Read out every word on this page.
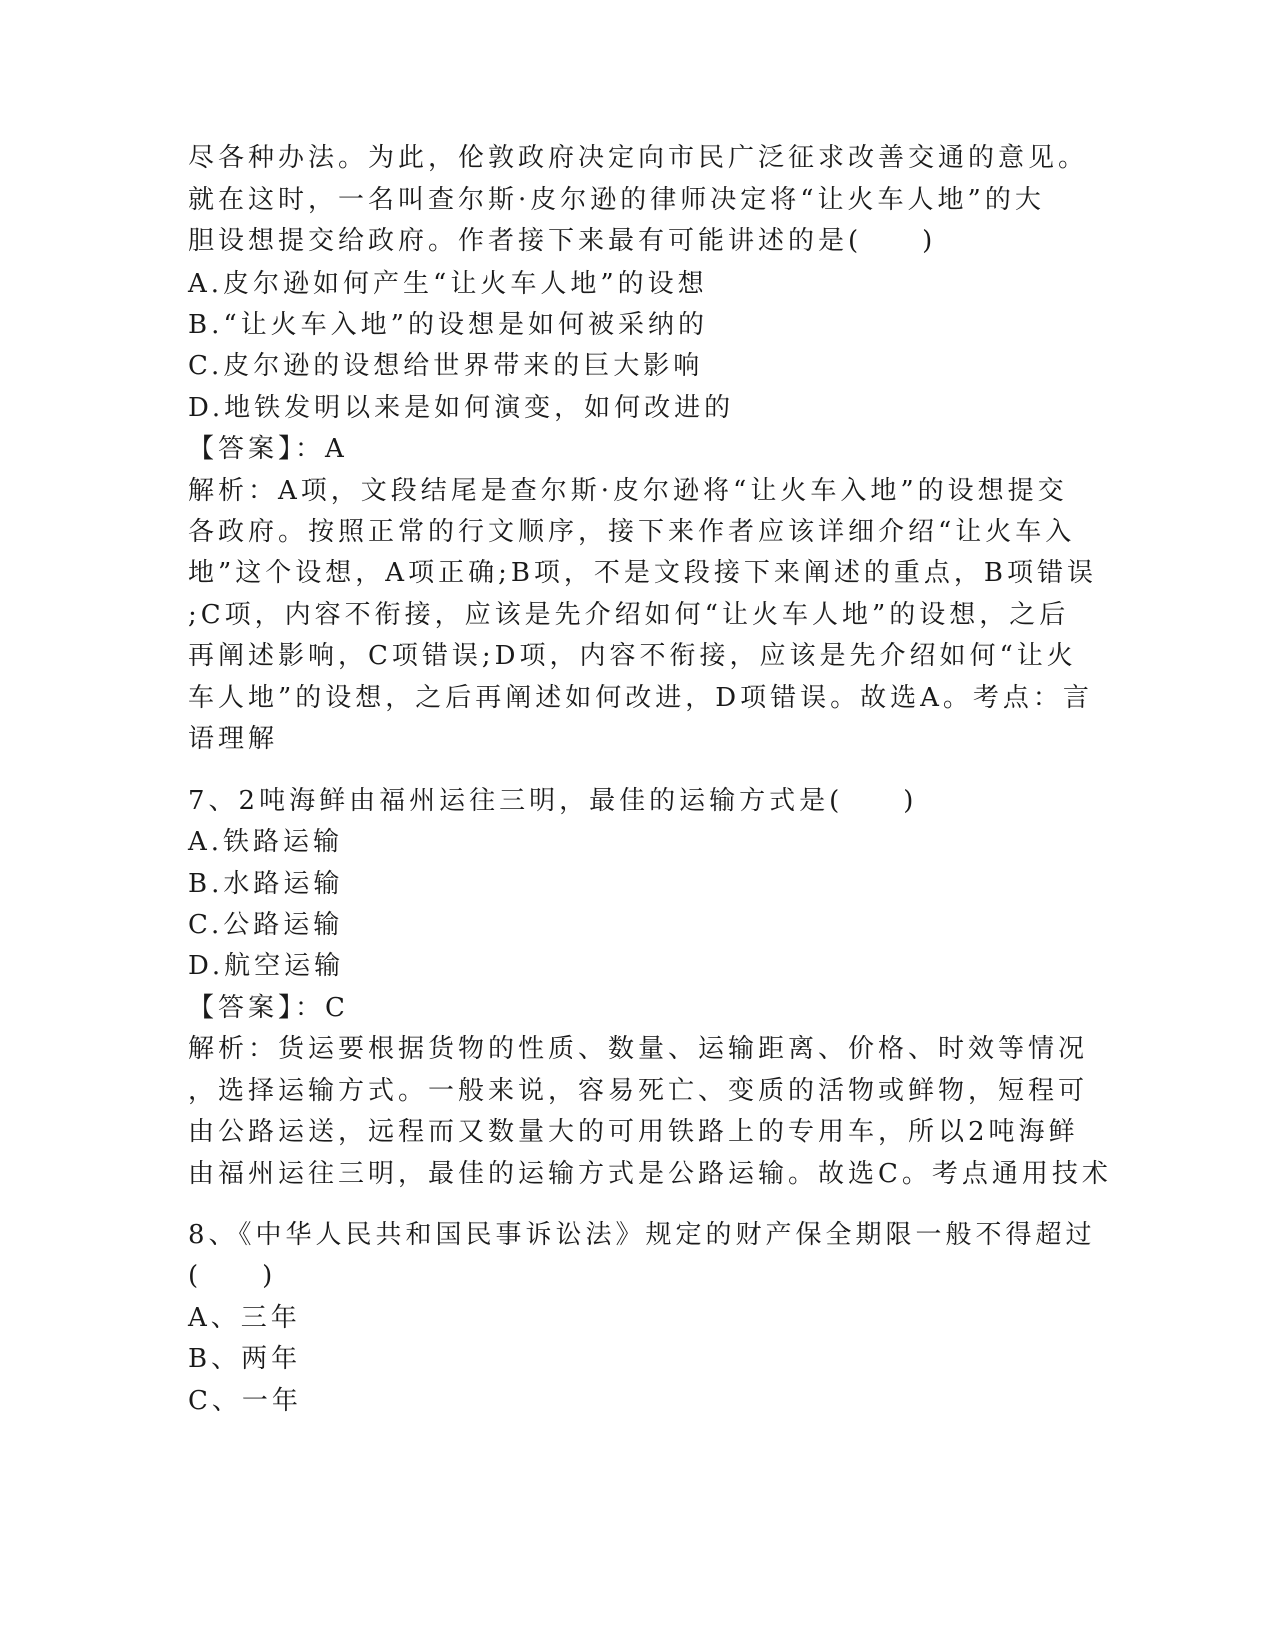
尽各种办法。为此，伦敦政府决定向市民广泛征求改善交通的意见。
就在这时，一名叫查尔斯·皮尔逊的律师决定将“让火车人地”的大
胆设想提交给政府。作者接下来最有可能讲述的是(　　)
A.皮尔逊如何产生“让火车人地”的设想
B.“让火车入地”的设想是如何被采纳的
C.皮尔逊的设想给世界带来的巨大影响
D.地铁发明以来是如何演变，如何改进的
【答案】：A
解析：A项，文段结尾是查尔斯·皮尔逊将“让火车入地”的设想提交
各政府。按照正常的行文顺序，接下来作者应该详细介绍“让火车入
地”这个设想，A项正确;B项，不是文段接下来阐述的重点，B项错误
;C项，内容不衔接，应该是先介绍如何“让火车人地”的设想，之后
再阐述影响，C项错误;D项，内容不衔接，应该是先介绍如何“让火
车人地”的设想，之后再阐述如何改进，D项错误。故选A。考点：言
语理解
7、2吨海鲜由福州运往三明，最佳的运输方式是(　　)
A.铁路运输
B.水路运输
C.公路运输
D.航空运输
【答案】：C
解析：货运要根据货物的性质、数量、运输距离、价格、时效等情况
，选择运输方式。一般来说，容易死亡、变质的活物或鲜物，短程可
由公路运送，远程而又数量大的可用铁路上的专用车，所以2吨海鲜
由福州运往三明，最佳的运输方式是公路运输。故选C。考点通用技术
8、《中华人民共和国民事诉讼法》规定的财产保全期限一般不得超过
(　　)
A、三年
B、两年
C、一年
